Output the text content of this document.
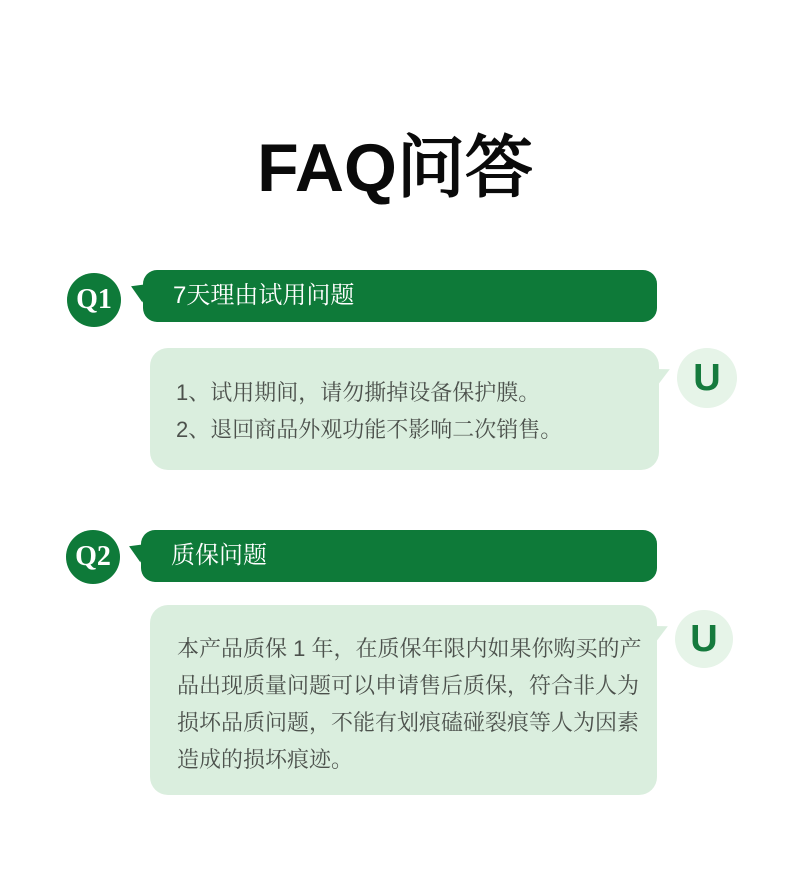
FAQ问答
Q1	7天理由试用问题
1、试用期间，请勿撕掉设备保护膜。
2、退回商品外观功能不影响二次销售。
U
Q2	质保问题
本产品质保 1 年，在质保年限内如果你购买的产
品出现质量问题可以申请售后质保，符合非人为
损坏品质问题，不能有划痕磕碰裂痕等人为因素
造成的损坏痕迹。
U
